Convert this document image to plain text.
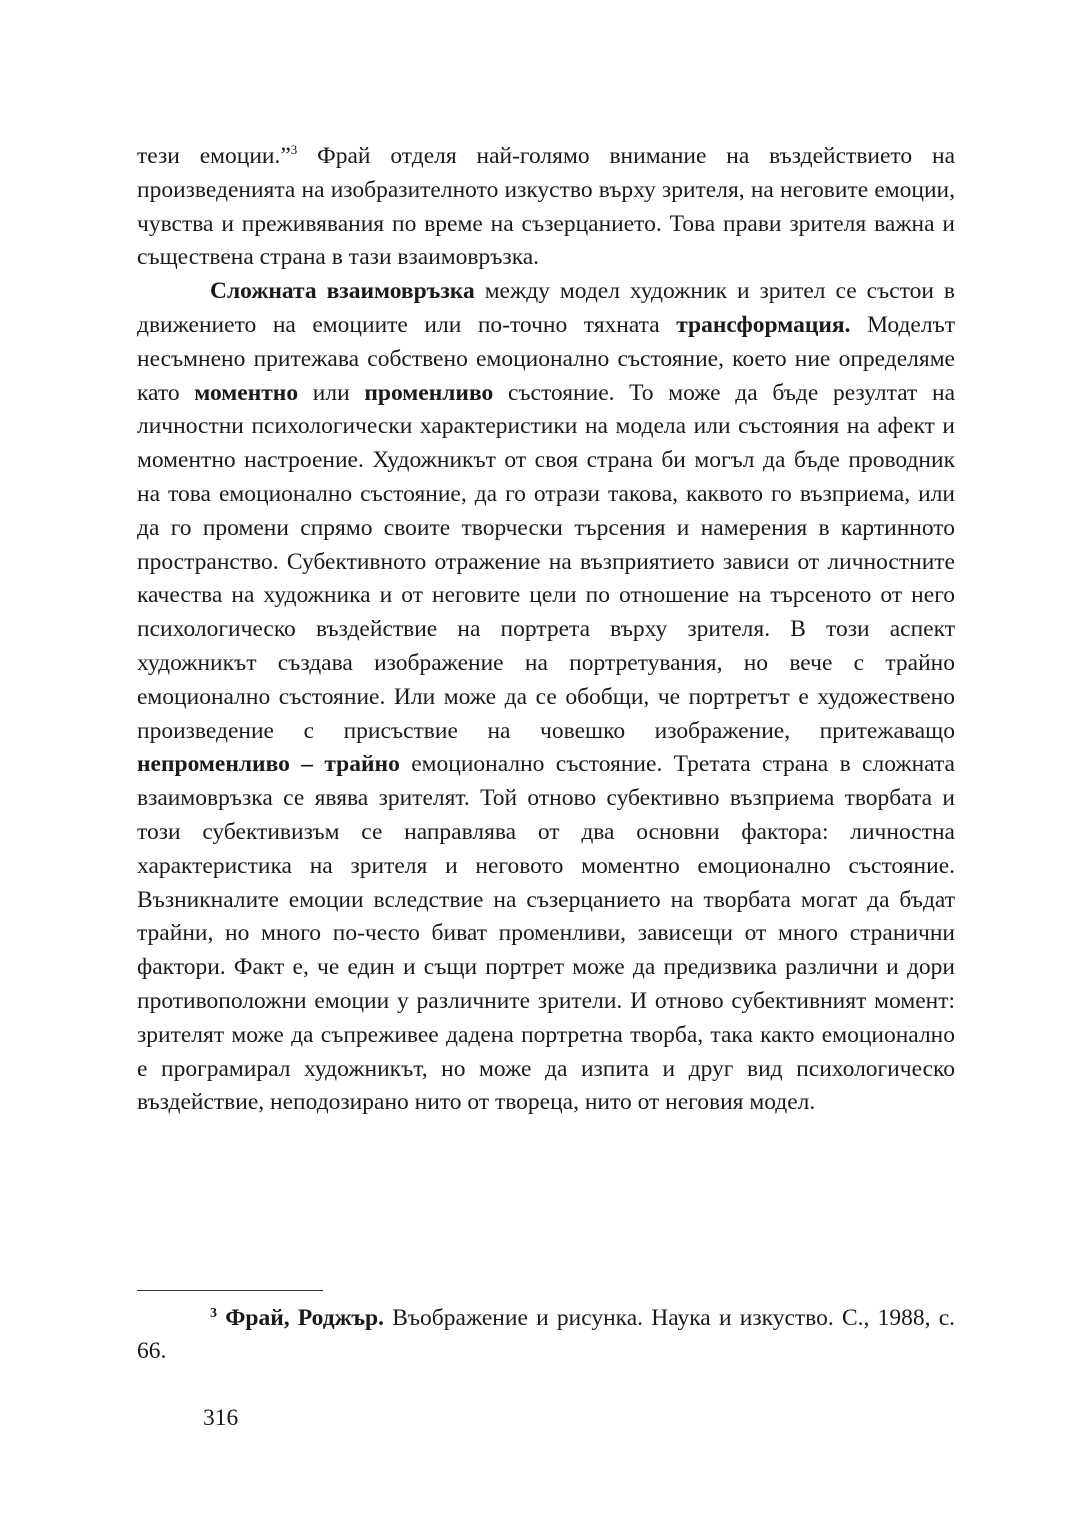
тези емоции.”$^3$ Фрай отделя най-голямо внимание на въздействието на произведенията на изобразителното изкуство върху зрителя, на неговите емоции, чувства и преживявания по време на съзерцанието. Това прави зрителя важна и съществена страна в тази взаимовръзка.

Сложната взаимовръзка между модел художник и зрител се състои в движението на емоциите или по-точно тяхната трансформация. Моделът несъмнено притежава собствено емоционално състояние, което ние определяме като моментно или променливо състояние. То може да бъде резултат на личностни психологически характеристики на модела или състояния на афект и моментно настроение. Художникът от своя страна би могъл да бъде проводник на това емоционално състояние, да го отрази такова, каквото го възприема, или да го промени спрямо своите творчески търсения и намерения в картинното пространство. Субективното отражение на възприятието зависи от личностните качества на художника и от неговите цели по отношение на търсеното от него психологическо въздействие на портрета върху зрителя. В този аспект художникът създава изображение на портретувания, но вече с трайно емоционално състояние. Или може да се обобщи, че портретът е художествено произведение с присъствие на човешко изображение, притежаващо непроменливо – трайно емоционално състояние. Третата страна в сложната взаимовръзка се явява зрителят. Той отново субективно възприема творбата и този субективизъм се направлява от два основни фактора: личностна характеристика на зрителя и неговото моментно емоционално състояние. Възникналите емоции вследствие на съзерцанието на творбата могат да бъдат трайни, но много по-често биват променливи, зависещи от много странични фактори. Факт е, че един и същи портрет може да предизвика различни и дори противоположни емоции у различните зрители. И отново субективният момент: зрителят може да съпреживее дадена портретна творба, така както емоционално е програмирал художникът, но може да изпита и друг вид психологическо въздействие, неподозирано нито от твореца, нито от неговия модел.

$^3$ Фрай, Роджър. Въображение и рисунка. Наука и изкуство. С., 1988, с. 66.

316
